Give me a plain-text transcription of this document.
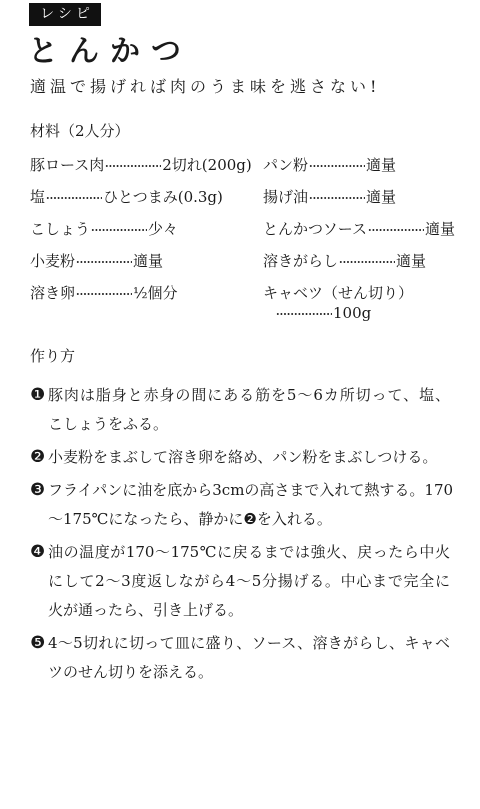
レシピ
とんかつ
適温で揚げれば肉のうま味を逃さない!
材料（2人分）
豚ロース肉	2切れ(200g)
塩	ひとつまみ(0.3g)
こしょう	少々
小麦粉	適量
溶き卵	½個分
パン粉	適量
揚げ油	適量
とんかつソース	適量
溶きがらし	適量
キャベツ（せん切り）
100g
作り方
❶ 豚肉は脂身と赤身の間にある筋を5〜6カ所切って、塩、
こしょうをふる。
❷ 小麦粉をまぶして溶き卵を絡め、パン粉をまぶしつける。
❸ フライパンに油を底から3cmの高さまで入れて熱する。170
〜175℃になったら、静かに❷を入れる。
❹ 油の温度が170〜175℃に戻るまでは強火、戻ったら中火
にして2〜3度返しながら4〜5分揚げる。中心まで完全に
火が通ったら、引き上げる。
❺ 4〜5切れに切って皿に盛り、ソース、溶きがらし、キャベ
ツのせん切りを添える。
